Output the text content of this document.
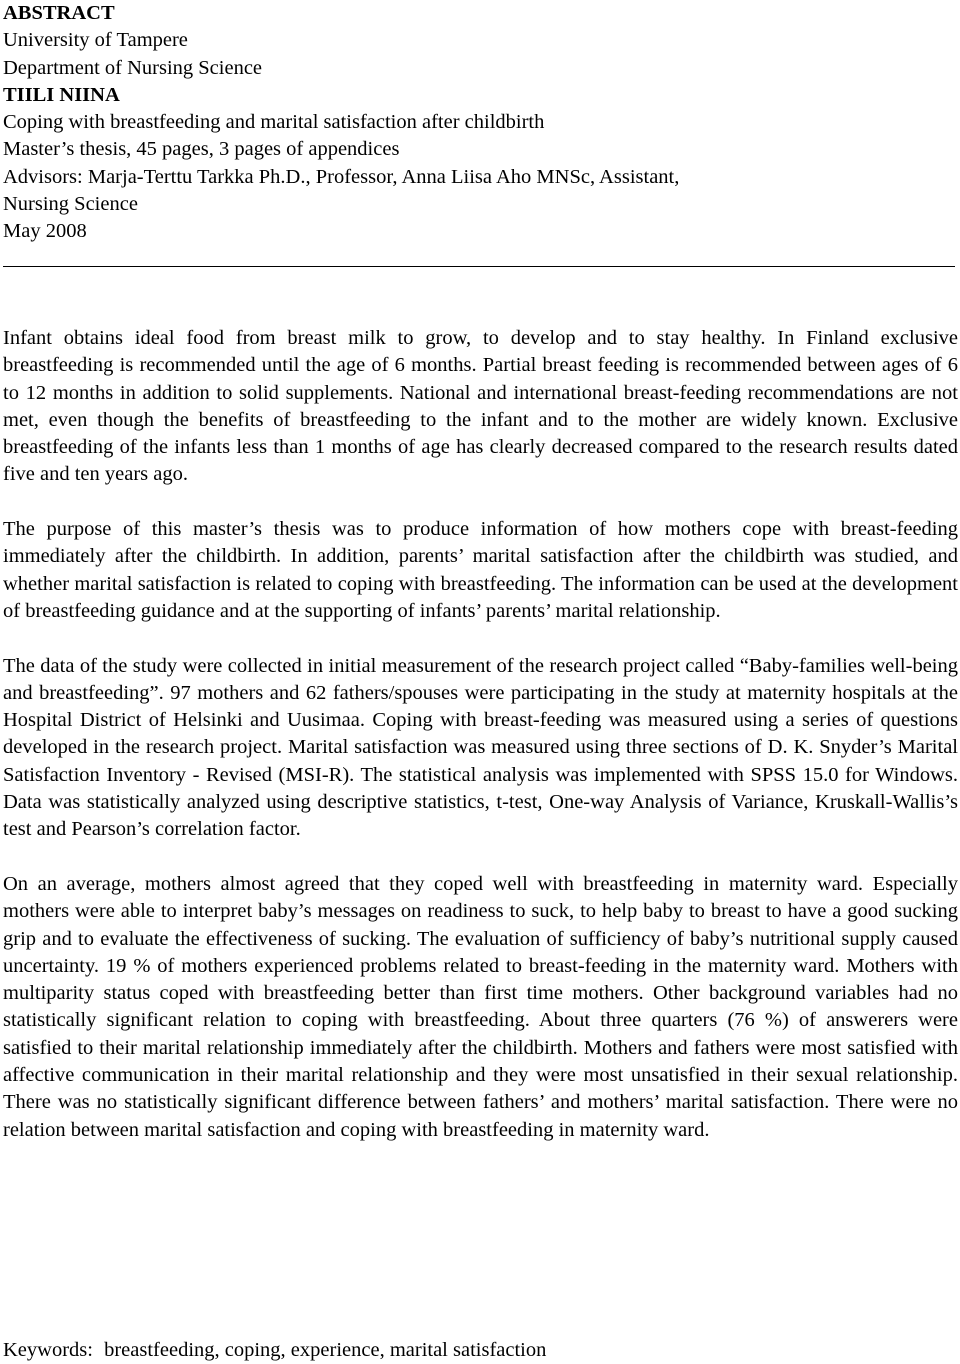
ABSTRACT
University of Tampere
Department of Nursing Science
TIILI NIINA
Coping with breastfeeding and marital satisfaction after childbirth
Master’s thesis, 45 pages, 3 pages of appendices
Advisors: Marja-Terttu Tarkka Ph.D., Professor, Anna Liisa Aho MNSc, Assistant,
Nursing Science
May 2008

Infant obtains ideal food from breast milk to grow, to develop and to stay healthy. In Finland exclusive breastfeeding is recommended until the age of 6 months. Partial breast feeding is recommended between ages of 6 to 12 months in addition to solid supplements. National and international breast-feeding recommendations are not met, even though the benefits of breastfeeding to the infant and to the mother are widely known. Exclusive breastfeeding of the infants less than 1 months of age has clearly decreased compared to the research results dated five and ten years ago.

The purpose of this master’s thesis was to produce information of how mothers cope with breast-feeding immediately after the childbirth. In addition, parents’ marital satisfaction after the childbirth was studied, and whether marital satisfaction is related to coping with breastfeeding. The information can be used at the development of breastfeeding guidance and at the supporting of infants’ parents’ marital relationship.

The data of the study were collected in initial measurement of the research project called “Baby-families well-being and breastfeeding”. 97 mothers and 62 fathers/spouses were participating in the study at maternity hospitals at the Hospital District of Helsinki and Uusimaa. Coping with breast-feeding was measured using a series of questions developed in the research project. Marital satisfaction was measured using three sections of D. K. Snyder’s Marital Satisfaction Inventory - Revised (MSI-R). The statistical analysis was implemented with SPSS 15.0 for Windows. Data was statistically analyzed using descriptive statistics, t-test, One-way Analysis of Variance, Kruskall-Wallis’s test and Pearson’s correlation factor.

On an average, mothers almost agreed that they coped well with breastfeeding in maternity ward. Especially mothers were able to interpret baby’s messages on readiness to suck, to help baby to breast to have a good sucking grip and to evaluate the effectiveness of sucking. The evaluation of sufficiency of baby’s nutritional supply caused uncertainty. 19 % of mothers experienced problems related to breast-feeding in the maternity ward. Mothers with multiparity status coped with breastfeeding better than first time mothers. Other background variables had no statistically significant relation to coping with breastfeeding. About three quarters (76 %) of answerers were satisfied to their marital relationship immediately after the childbirth. Mothers and fathers were most satisfied with affective communication in their marital relationship and they were most unsatisfied in their sexual relationship. There was no statistically significant difference between fathers’ and mothers’ marital satisfaction. There were no relation between marital satisfaction and coping with breastfeeding in maternity ward.

Keywords: breastfeeding, coping, experience, marital satisfaction
